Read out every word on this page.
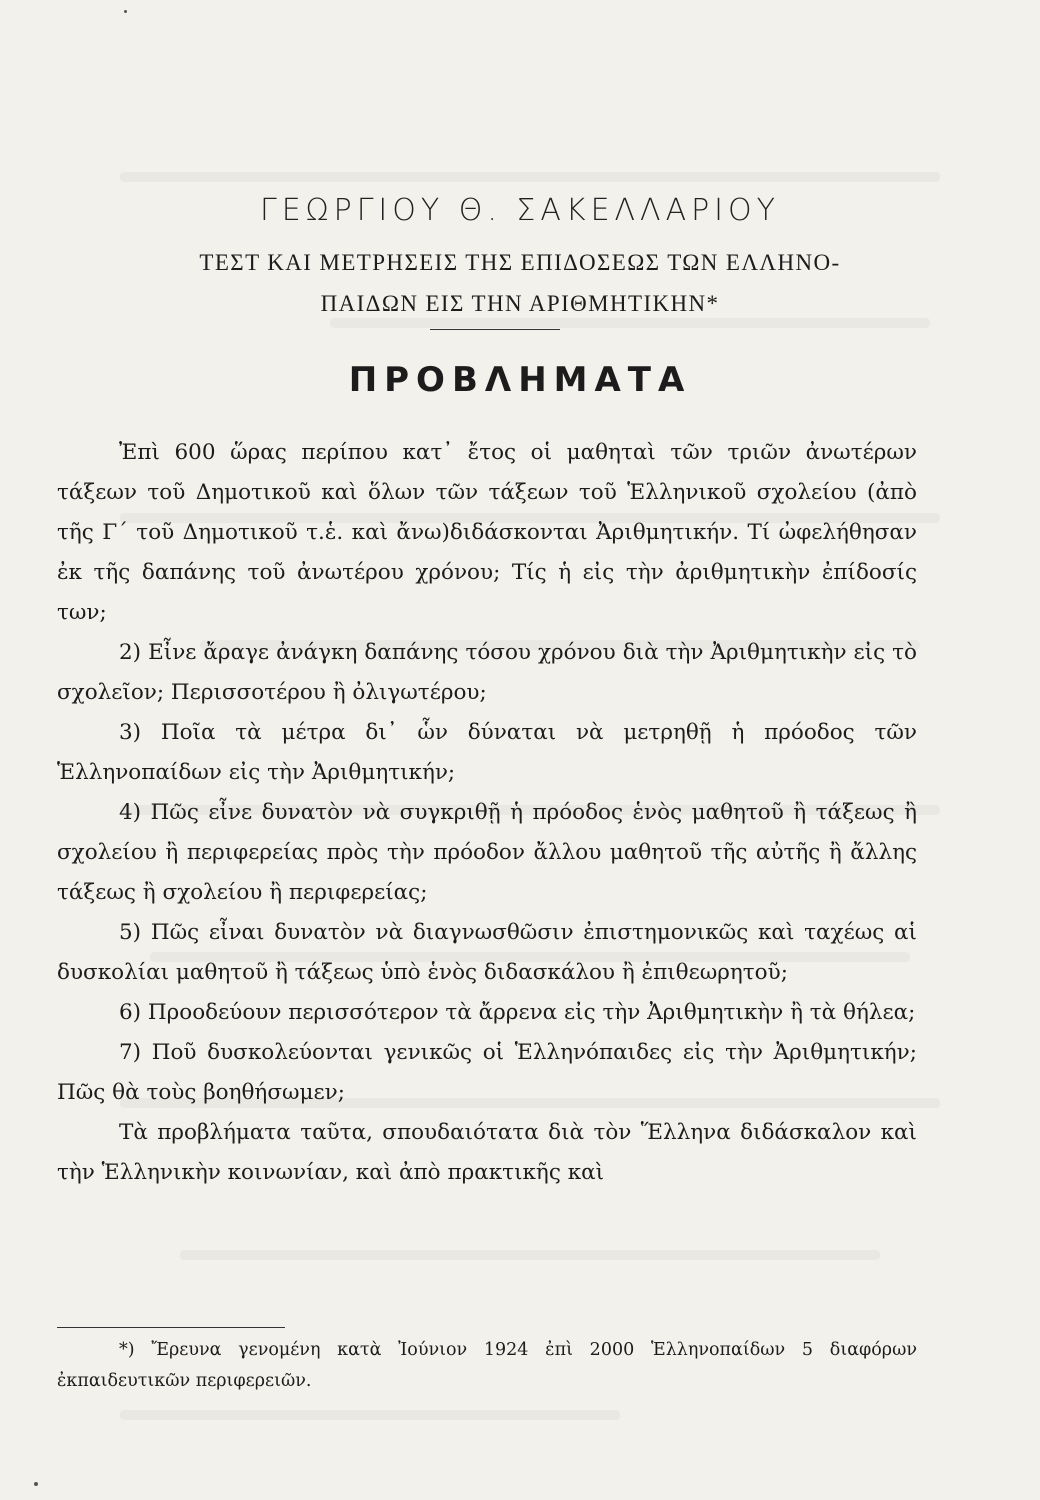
ΓΕΩΡΓΙΟΥ Θ. ΣΑΚΕΛΛΑΡΙΟΥ
ΤΕΣΤ ΚΑΙ ΜΕΤΡΗΣΕΙΣ ΤΗΣ ΕΠΙΔΟΣΕΩΣ ΤΩΝ ΕΛΛΗΝΟ-
ΠΑΙΔΩΝ ΕΙΣ ΤΗΝ ΑΡΙΘΜΗΤΙΚΗΝ*
ΠΡΟΒΛΗΜΑΤΑ

Ἐπὶ 600 ὥρας περίπου κατ᾽ ἔτος οἱ μαθηταὶ τῶν τριῶν ἀνωτέρων τάξεων τοῦ Δημοτικοῦ καὶ ὅλων τῶν τάξεων τοῦ Ἑλληνικοῦ σχολείου (ἀπὸ τῆς Γ´ τοῦ Δημοτικοῦ τ.ἑ. καὶ ἄνω)διδάσκονται Ἀριθμητικήν. Τί ὠφελήθησαν ἐκ τῆς δαπάνης τοῦ ἀνωτέρου χρόνου; Τίς ἡ εἰς τὴν ἀριθμητικὴν ἐπίδοσίς των;

2) Εἶνε ἄραγε ἀνάγκη δαπάνης τόσου χρόνου διὰ τὴν Ἀριθμητικὴν εἰς τὸ σχολεῖον; Περισσοτέρου ἢ ὀλιγωτέρου;

3) Ποῖα τὰ μέτρα δι᾽ ὧν δύναται νὰ μετρηθῇ ἡ πρόοδος τῶν Ἑλληνοπαίδων εἰς τὴν Ἀριθμητικήν;

4) Πῶς εἶνε δυνατὸν νὰ συγκριθῇ ἡ πρόοδος ἑνὸς μαθητοῦ ἢ τάξεως ἢ σχολείου ἢ περιφερείας πρὸς τὴν πρόοδον ἄλλου μαθητοῦ τῆς αὐτῆς ἢ ἄλλης τάξεως ἢ σχολείου ἢ περιφερείας;

5) Πῶς εἶναι δυνατὸν νὰ διαγνωσθῶσιν ἐπιστημονικῶς καὶ ταχέως αἱ δυσκολίαι μαθητοῦ ἢ τάξεως ὑπὸ ἑνὸς διδασκάλου ἢ ἐπιθεωρητοῦ;

6) Προοδεύουν περισσότερον τὰ ἄρρενα εἰς τὴν Ἀριθμητικὴν ἢ τὰ θήλεα;

7) Ποῦ δυσκολεύονται γενικῶς οἱ Ἑλληνόπαιδες εἰς τὴν Ἀριθμητικήν; Πῶς θὰ τοὺς βοηθήσωμεν;

Τὰ προβλήματα ταῦτα, σπουδαιότατα διὰ τὸν Ἕλληνα διδάσκαλον καὶ τὴν Ἑλληνικὴν κοινωνίαν, καὶ ἀπὸ πρακτικῆς καὶ

*) Ἔρευνα γενομένη κατὰ Ἰούνιον 1924 ἐπὶ 2000 Ἑλληνοπαίδων 5 διαφόρων ἐκπαιδευτικῶν περιφερειῶν.
